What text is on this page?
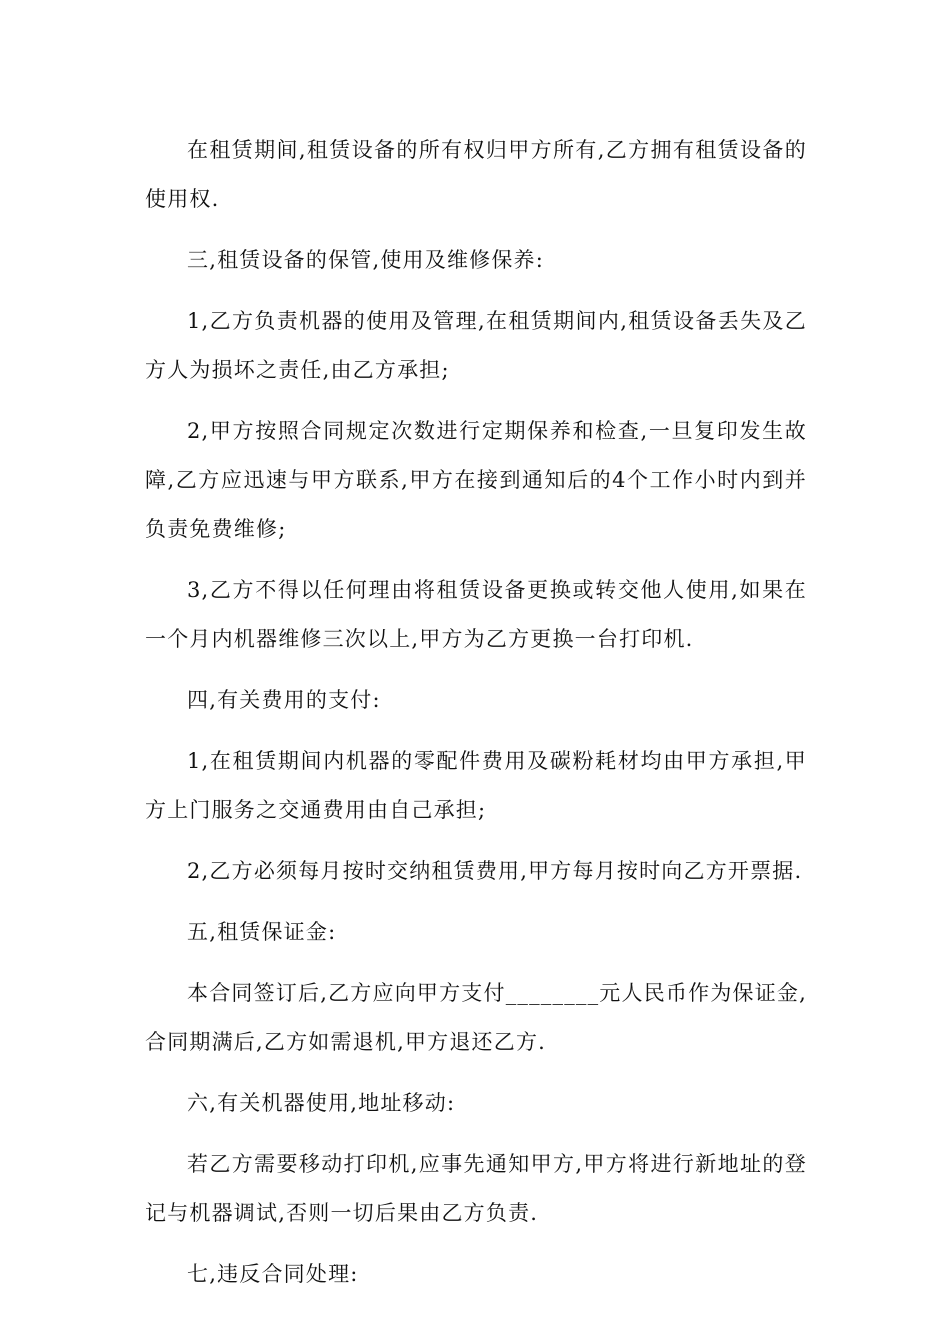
在租赁期间,租赁设备的所有权归甲方所有,乙方拥有租赁设备的使用权.

三,租赁设备的保管,使用及维修保养:

1,乙方负责机器的使用及管理,在租赁期间内,租赁设备丢失及乙方人为损坏之责任,由乙方承担;

2,甲方按照合同规定次数进行定期保养和检查,一旦复印发生故障,乙方应迅速与甲方联系,甲方在接到通知后的4个工作小时内到并负责免费维修;

3,乙方不得以任何理由将租赁设备更换或转交他人使用,如果在一个月内机器维修三次以上,甲方为乙方更换一台打印机.

四,有关费用的支付:

1,在租赁期间内机器的零配件费用及碳粉耗材均由甲方承担,甲方上门服务之交通费用由自己承担;

2,乙方必须每月按时交纳租赁费用,甲方每月按时向乙方开票据.

五,租赁保证金:

本合同签订后,乙方应向甲方支付________元人民币作为保证金,合同期满后,乙方如需退机,甲方退还乙方.

六,有关机器使用,地址移动:

若乙方需要移动打印机,应事先通知甲方,甲方将进行新地址的登记与机器调试,否则一切后果由乙方负责.

七,违反合同处理:
